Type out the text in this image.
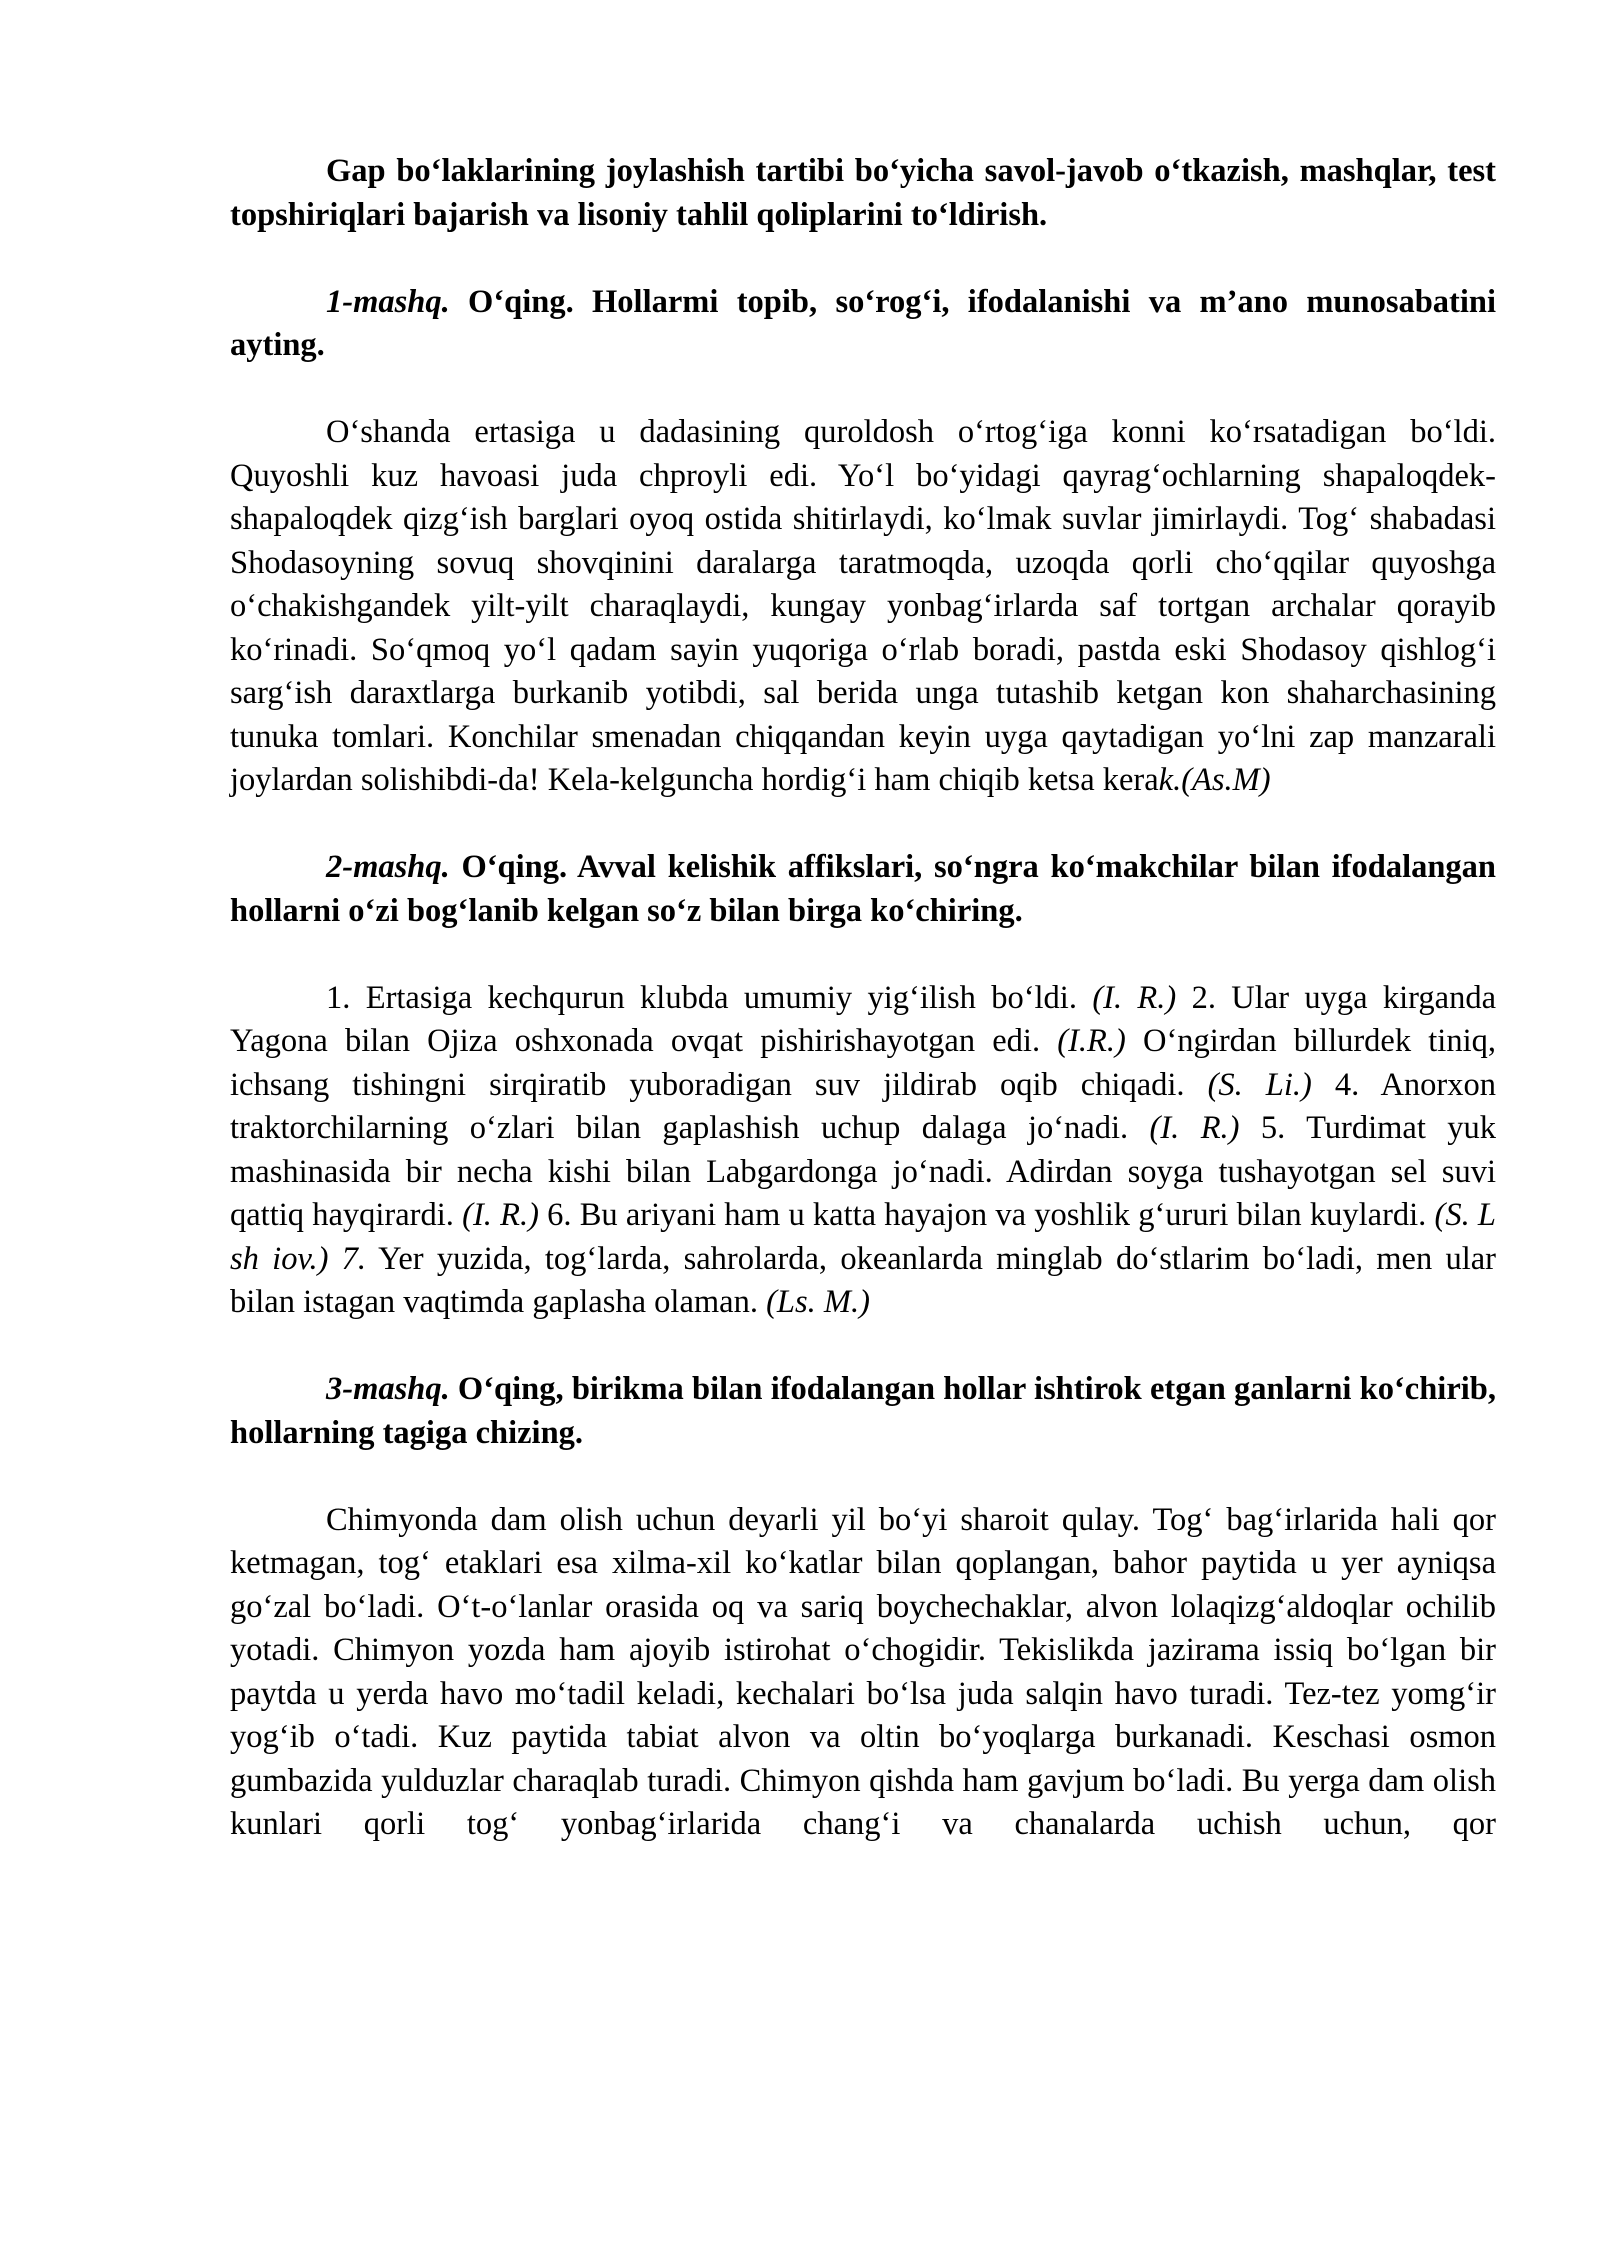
Gap bo‘laklarining joylashish tartibi bo‘yicha savol-javob o‘tkazish, mashqlar, test topshiriqlari bajarish va lisoniy tahlil qoliplarini to‘ldirish.

1-mashq. O‘qing. Hollarmi topib, so‘rog‘i, ifodalanishi va m’ano munosabatini ayting.

O‘shanda ertasiga u dadasining quroldosh o‘rtog‘iga konni ko‘rsatadigan bo‘ldi. Quyoshli kuz havoasi juda chproyli edi. Yo‘l bo‘yidagi qayrag‘ochlarning shapaloqdek-shapaloqdek qizg‘ish barglari oyoq ostida shitirlaydi, ko‘lmak suvlar jimirlaydi. Tog‘ shabadasi Shodasoyning sovuq shovqinini daralarga taratmoqda, uzoqda qorli cho‘qqilar quyoshga o‘chakishgandek yilt-yilt charaqlaydi, kungay yonbag‘irlarda saf tortgan archalar qorayib ko‘rinadi. So‘qmoq yo‘l qadam sayin yuqoriga o‘rlab boradi, pastda eski Shodasoy qishlog‘i sarg‘ish daraxtlarga burkanib yotibdi, sal berida unga tutashib ketgan kon shaharchasining tunuka tomlari. Konchilar smenadan chiqqandan keyin uyga qaytadigan yo‘lni zap manzarali joylardan solishibdi-da! Kela-kelguncha hordig‘i ham chiqib ketsa kerak.(As.M)

2-mashq. O‘qing. Avval kelishik affikslari, so‘ngra ko‘makchilar bilan ifodalangan hollarni o‘zi bog‘lanib kelgan so‘z bilan birga ko‘chiring.

1. Ertasiga kechqurun klubda umumiy yig‘ilish bo‘ldi. (I. R.) 2. Ular uyga kirganda Yagona bilan Ojiza oshxonada ovqat pishirishayotgan edi. (I.R.) O‘ngirdan billurdek tiniq, ichsang tishingni sirqiratib yuboradigan suv jildirab oqib chiqadi. (S. Li.) 4. Anorxon traktorchilarning o‘zlari bilan gaplashish uchup dalaga jo‘nadi. (I. R.) 5. Turdimat yuk mashinasida bir necha kishi bilan Labgardonga jo‘nadi. Adirdan soyga tushayotgan sel suvi qattiq hayqirardi. (I. R.) 6. Bu ariyani ham u katta hayajon va yoshlik g‘ururi bilan kuylardi. (S. L sh iov.) 7. Yer yuzida, tog‘larda, sahrolarda, okeanlarda minglab do‘stlarim bo‘ladi, men ular bilan istagan vaqtimda gaplasha olaman. (Ls. M.)

3-mashq. O‘qing, birikma bilan ifodalangan hollar ishtirok etgan ganlarni ko‘chirib, hollarning tagiga chizing.

Chimyonda dam olish uchun deyarli yil bo‘yi sharoit qulay. Tog‘ bag‘irlarida hali qor ketmagan, tog‘ etaklari esa xilma-xil ko‘katlar bilan qoplangan, bahor paytida u yer ayniqsa go‘zal bo‘ladi. O‘t-o‘lanlar orasida oq va sariq boychechaklar, alvon lolaqizg‘aldoqlar ochilib yotadi. Chimyon yozda ham ajoyib istirohat o‘chogidir. Tekislikda jazirama issiq bo‘lgan bir paytda u yerda havo mo‘tadil keladi, kechalari bo‘lsa juda salqin havo turadi. Tez-tez yomg‘ir yog‘ib o‘tadi. Kuz paytida tabiat alvon va oltin bo‘yoqlarga burkanadi. Keschasi osmon gumbazida yulduzlar charaqlab turadi. Chimyon qishda ham gavjum bo‘ladi. Bu yerga dam olish kunlari qorli tog‘ yonbag‘irlarida chang‘i va chanalarda uchish uchun, qor
